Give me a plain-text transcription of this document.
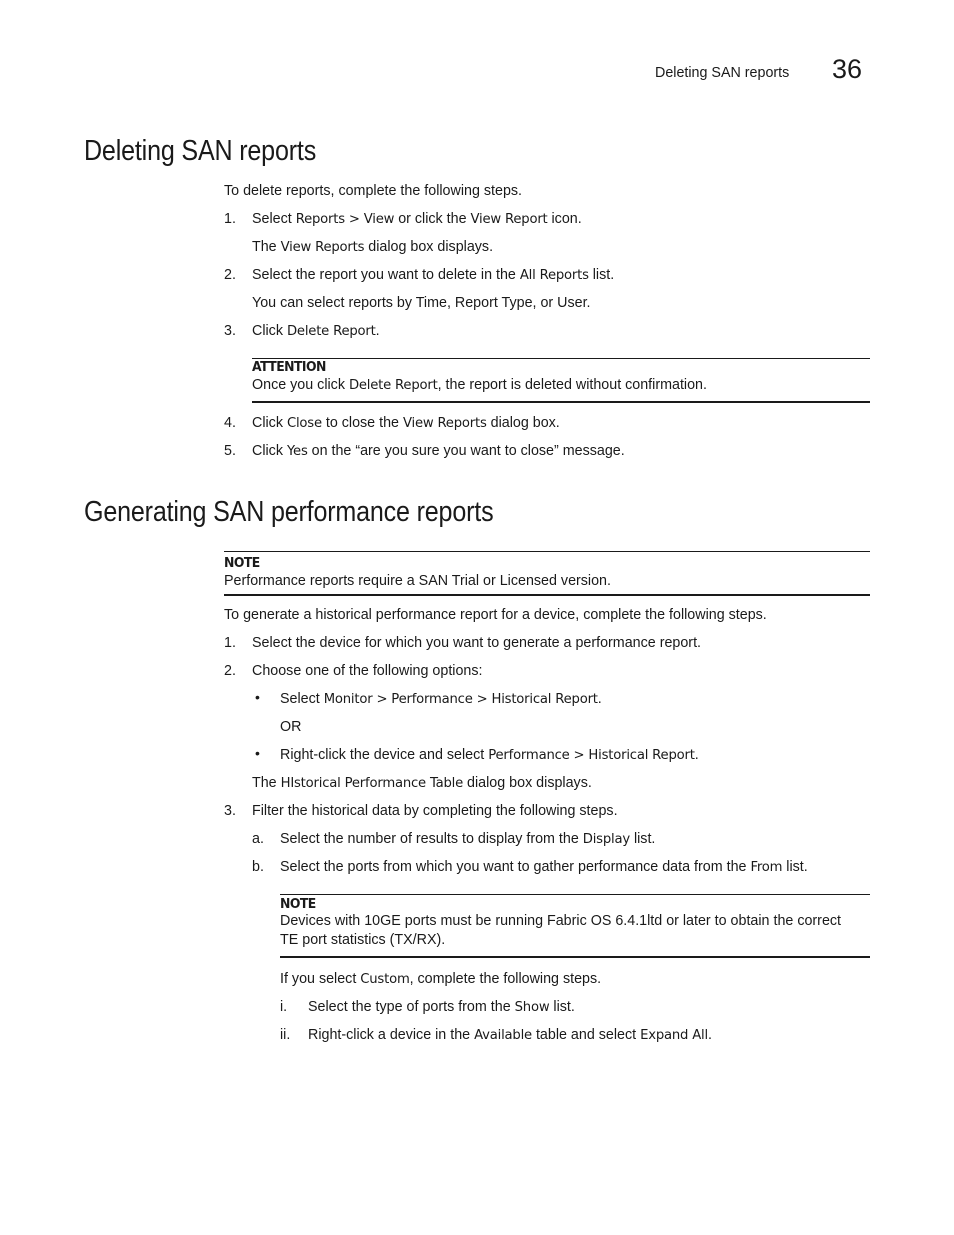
Deleting SAN reports 36
Deleting SAN reports
To delete reports, complete the following steps.
1. Select Reports > View or click the View Report icon.
The View Reports dialog box displays.
2. Select the report you want to delete in the All Reports list.
You can select reports by Time, Report Type, or User.
3. Click Delete Report.
ATTENTION
Once you click Delete Report, the report is deleted without confirmation.
4. Click Close to close the View Reports dialog box.
5. Click Yes on the “are you sure you want to close” message.
Generating SAN performance reports
NOTE
Performance reports require a SAN Trial or Licensed version.
To generate a historical performance report for a device, complete the following steps.
1. Select the device for which you want to generate a performance report.
2. Choose one of the following options:
• Select Monitor > Performance > Historical Report.
OR
• Right-click the device and select Performance > Historical Report.
The HIstorical Performance Table dialog box displays.
3. Filter the historical data by completing the following steps.
a. Select the number of results to display from the Display list.
b. Select the ports from which you want to gather performance data from the From list.
NOTE
Devices with 10GE ports must be running Fabric OS 6.4.1ltd or later to obtain the correct
TE port statistics (TX/RX).
If you select Custom, complete the following steps.
i. Select the type of ports from the Show list.
ii. Right-click a device in the Available table and select Expand All.
